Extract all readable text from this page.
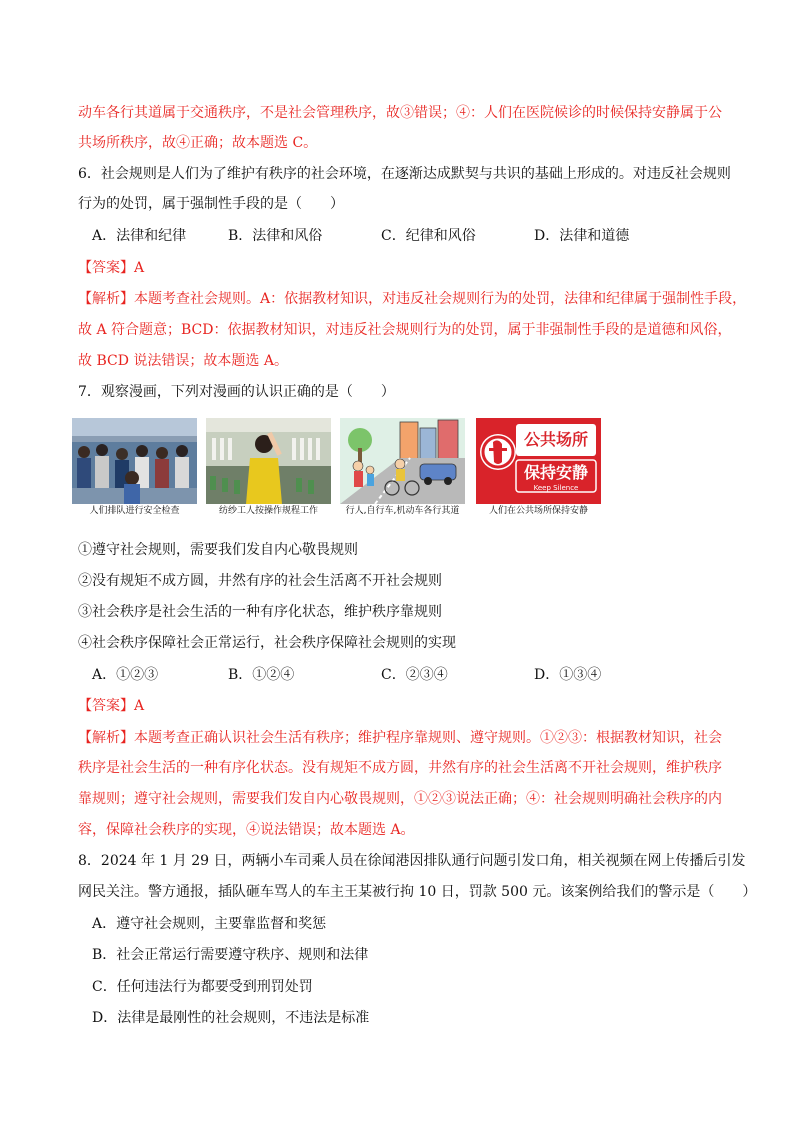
动车各行其道属于交通秩序，不是社会管理秩序，故③错误；④：人们在医院候诊的时候保持安静属于公
共场所秩序，故④正确；故本题选 C。
6．社会规则是人们为了维护有秩序的社会环境，在逐渐达成默契与共识的基础上形成的。对违反社会规则
行为的处罚，属于强制性手段的是（　　）
A．法律和纪律	B．法律和风俗	C．纪律和风俗	D．法律和道德
【答案】A
【解析】本题考查社会规则。A：依据教材知识，对违反社会规则行为的处罚，法律和纪律属于强制性手段，
故 A 符合题意；BCD：依据教材知识，对违反社会规则行为的处罚，属于非强制性手段的是道德和风俗，
故 BCD 说法错误；故本题选 A。
7．观察漫画，下列对漫画的认识正确的是（　　）
人们排队进行安全检查	纺纱工人按操作规程工作	行人,自行车,机动车各行其道
公共场所
保持安静
Keep Silence
人们在公共场所保持安静
①遵守社会规则，需要我们发自内心敬畏规则
②没有规矩不成方圆，井然有序的社会生活离不开社会规则
③社会秩序是社会生活的一种有序化状态，维护秩序靠规则
④社会秩序保障社会正常运行，社会秩序保障社会规则的实现
A．①②③	B．①②④	C．②③④	D．①③④
【答案】A
【解析】本题考查正确认识社会生活有秩序；维护程序靠规则、遵守规则。①②③：根据教材知识，社会
秩序是社会生活的一种有序化状态。没有规矩不成方圆，井然有序的社会生活离不开社会规则，维护秩序
靠规则；遵守社会规则，需要我们发自内心敬畏规则，①②③说法正确；④：社会规则明确社会秩序的内
容，保障社会秩序的实现，④说法错误；故本题选 A。
8．2024 年 1 月 29 日，两辆小车司乘人员在徐闻港因排队通行问题引发口角，相关视频在网上传播后引发
网民关注。警方通报，插队砸车骂人的车主王某被行拘 10 日，罚款 500 元。该案例给我们的警示是（　　）
A．遵守社会规则，主要靠监督和奖惩
B．社会正常运行需要遵守秩序、规则和法律
C．任何违法行为都要受到刑罚处罚
D．法律是最刚性的社会规则，不违法是标准
